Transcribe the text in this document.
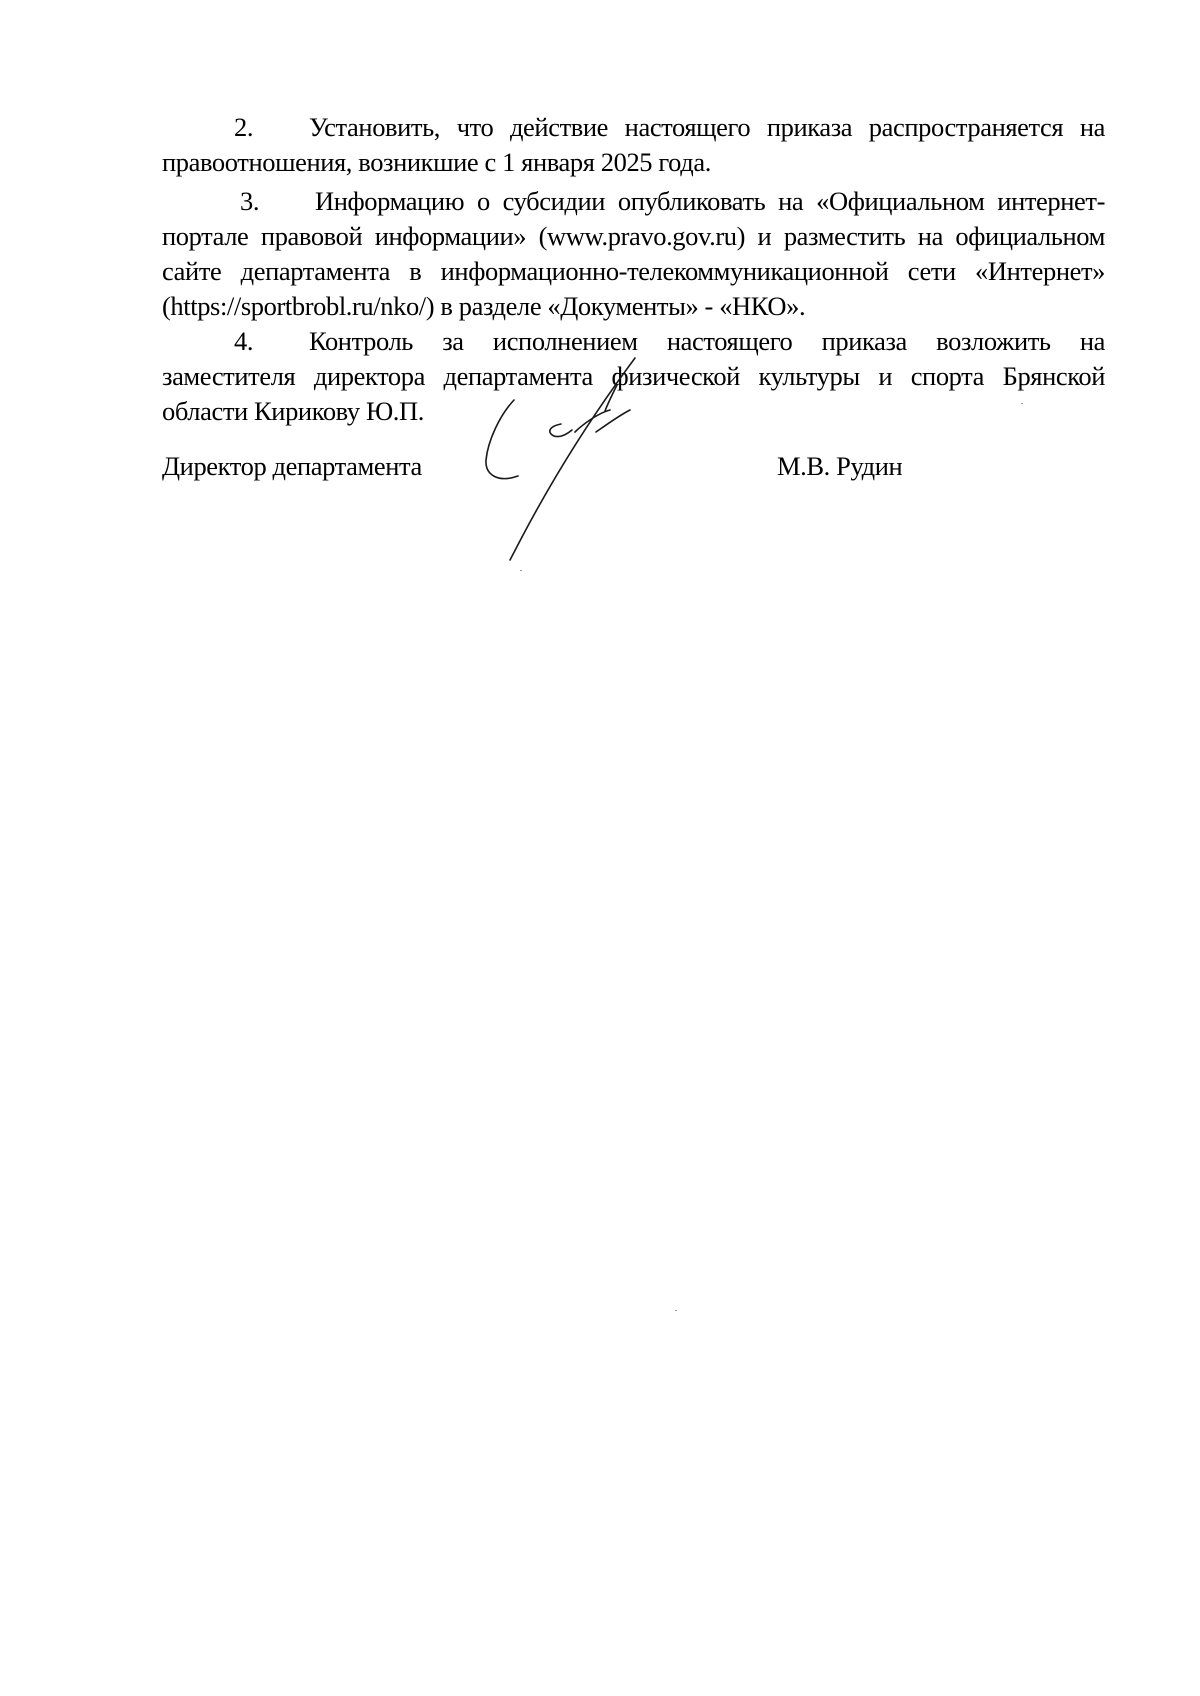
2. Установить, что действие настоящего приказа распространяется на правоотношения, возникшие с 1 января 2025 года.

3. Информацию о субсидии опубликовать на «Официальном интернет-портале правовой информации» (www.pravo.gov.ru) и разместить на официальном сайте департамента в информационно-телекоммуникационной сети «Интернет» (https://sportbrobl.ru/nko/) в разделе «Документы» - «НКО».

4. Контроль за исполнением настоящего приказа возложить на заместителя директора департамента физической культуры и спорта Брянской области Кирикову Ю.П.

Директор департамента	М.В. Рудин
